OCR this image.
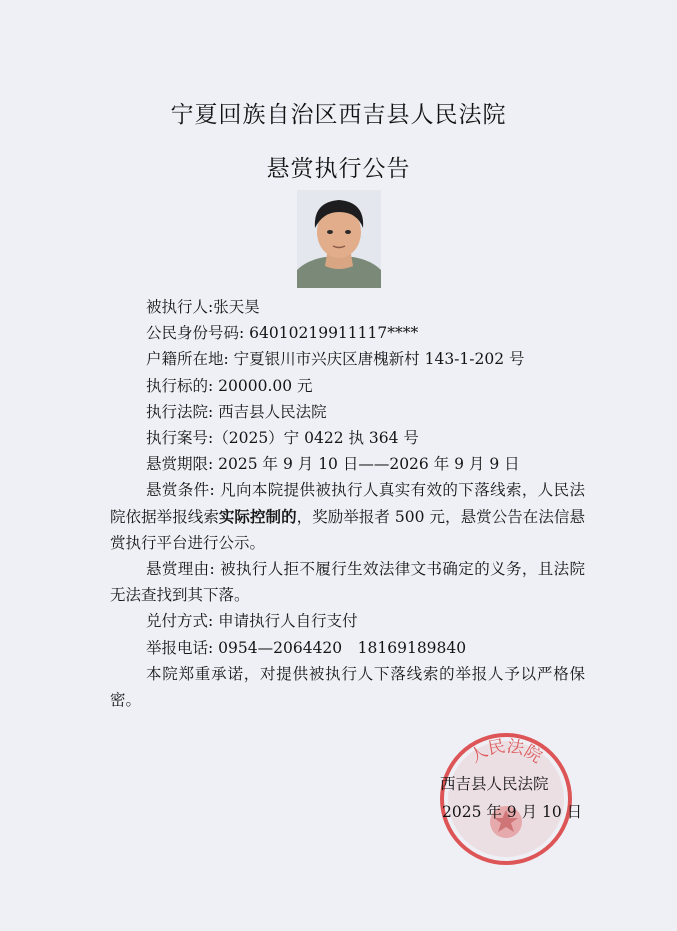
宁夏回族自治区西吉县人民法院
悬赏执行公告
被执行人:张天昊
公民身份号码: 64010219911117****
户籍所在地: 宁夏银川市兴庆区唐槐新村 143-1-202 号
执行标的: 20000.00 元
执行法院: 西吉县人民法院
执行案号:（2025）宁 0422 执 364 号
悬赏期限: 2025 年 9 月 10 日——2026 年 9 月 9 日
悬赏条件: 凡向本院提供被执行人真实有效的下落线索，人民法院依据举报线索实际控制的，奖励举报者 500 元，悬赏公告在法信悬赏执行平台进行公示。
悬赏理由: 被执行人拒不履行生效法律文书确定的义务，且法院无法查找到其下落。
兑付方式: 申请执行人自行支付
举报电话: 0954—2064420　18169189840
本院郑重承诺，对提供被执行人下落线索的举报人予以严格保密。
人民法院
西吉县人民法院
2025 年 9 月 10 日
